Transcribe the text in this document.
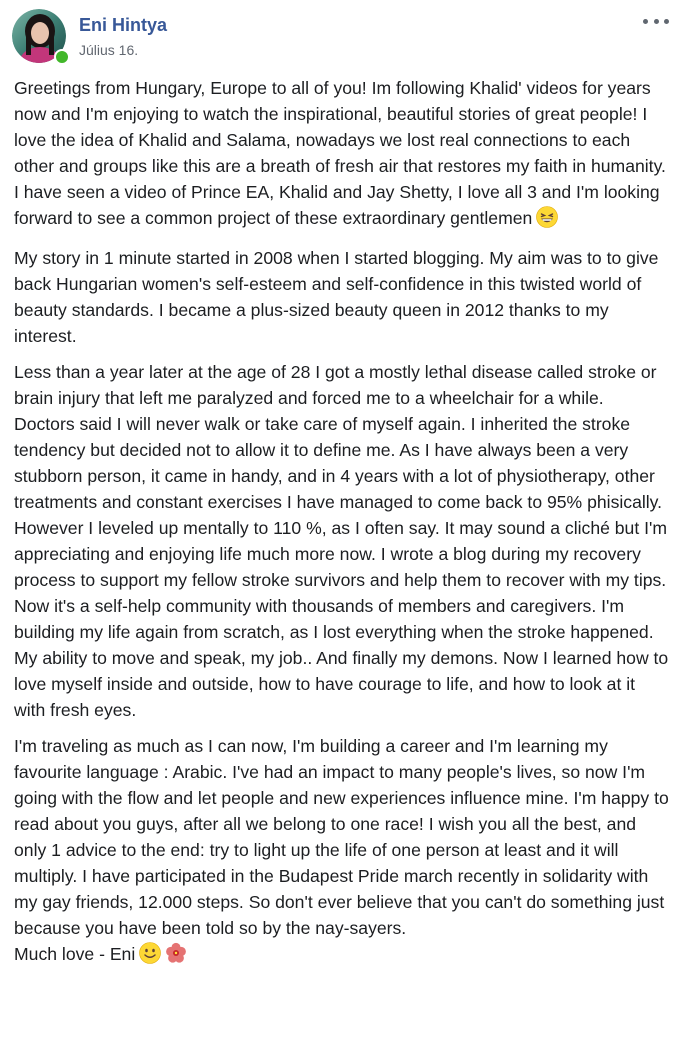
Eni Hintya
Július 16.

Greetings from Hungary, Europe to all of you! Im following Khalid' videos for years now and I'm enjoying to watch the inspirational, beautiful stories of great people! I love the idea of Khalid and Salama, nowadays we lost real connections to each other and groups like this are a breath of fresh air that restores my faith in humanity. I have seen a video of Prince EA, Khalid and Jay Shetty, I love all 3 and I'm looking forward to see a common project of these extraordinary gentlemen

My story in 1 minute started in 2008 when I started blogging. My aim was to to give back Hungarian women's self-esteem and self-confidence in this twisted world of beauty standards. I became a plus-sized beauty queen in 2012 thanks to my interest.

Less than a year later at the age of 28 I got a mostly lethal disease called stroke or brain injury that left me paralyzed and forced me to a wheelchair for a while. Doctors said I will never walk or take care of myself again. I inherited the stroke tendency but decided not to allow it to define me. As I have always been a very stubborn person, it came in handy, and in 4 years with a lot of physiotherapy, other treatments and constant exercises I have managed to come back to 95% phisically. However I leveled up mentally to 110 %, as I often say. It may sound a cliché but I'm appreciating and enjoying life much more now. I wrote a blog during my recovery process to support my fellow stroke survivors and help them to recover with my tips. Now it's a self-help community with thousands of members and caregivers. I'm building my life again from scratch, as I lost everything when the stroke happened. My ability to move and speak, my job.. And finally my demons. Now I learned how to love myself inside and outside, how to have courage to life, and how to look at it with fresh eyes.

I'm traveling as much as I can now, I'm building a career and I'm learning my favourite language : Arabic. I've had an impact to many people's lives, so now I'm going with the flow and let people and new experiences influence mine. I'm happy to read about you guys, after all we belong to one race! I wish you all the best, and only 1 advice to the end: try to light up the life of one person at least and it will multiply. I have participated in the Budapest Pride march recently in solidarity with my gay friends, 12.000 steps. So don't ever believe that you can't do something just because you have been told so by the nay-sayers.

Much love - Eni
